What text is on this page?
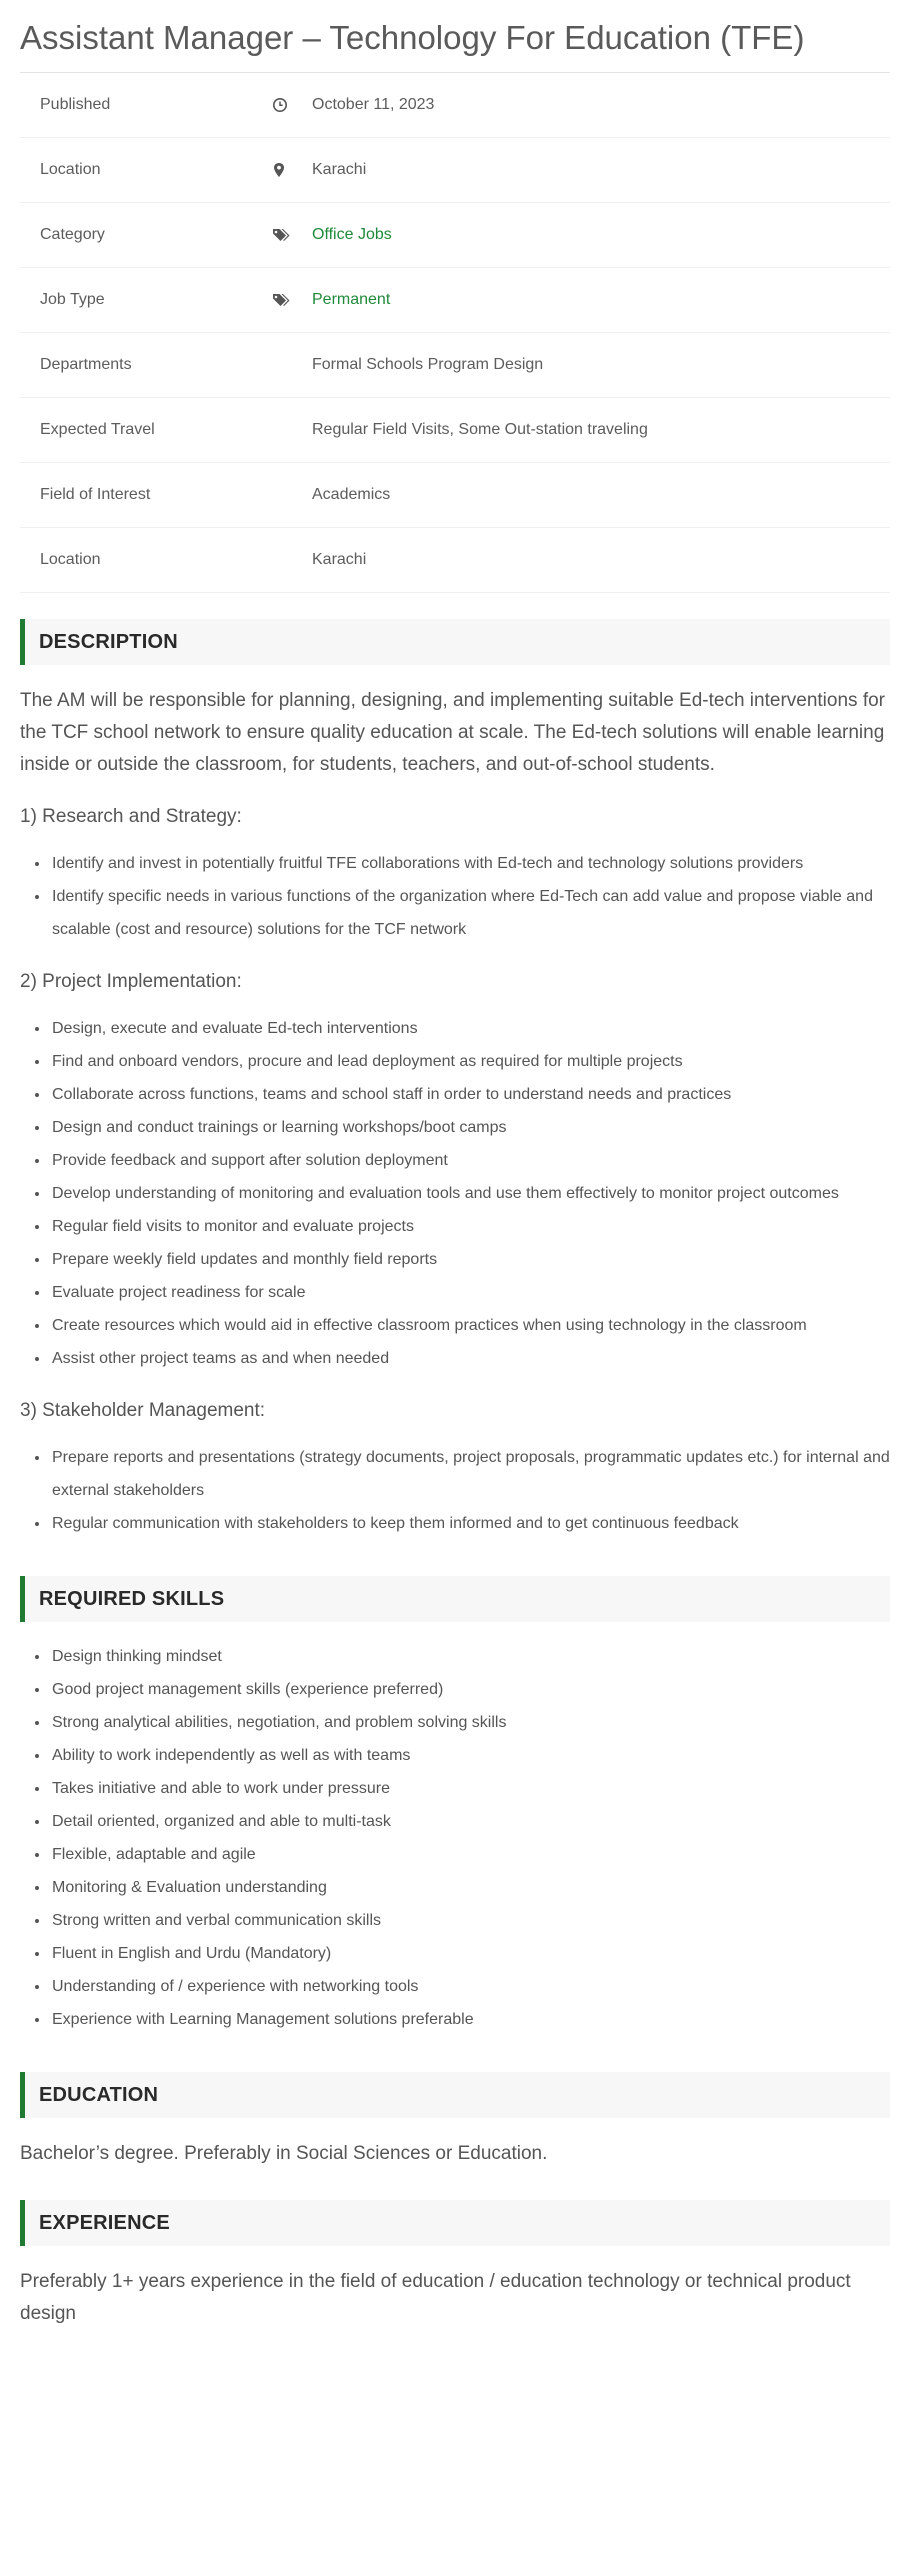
Assistant Manager – Technology For Education (TFE)
Published	October 11, 2023
Location	Karachi
Category	Office Jobs
Job Type	Permanent
Departments	Formal Schools Program Design
Expected Travel	Regular Field Visits, Some Out-station traveling
Field of Interest	Academics
Location	Karachi
DESCRIPTION

The AM will be responsible for planning, designing, and implementing suitable Ed-tech interventions for the TCF school network to ensure quality education at scale. The Ed-tech solutions will enable learning inside or outside the classroom, for students, teachers, and out-of-school students.

1) Research and Strategy:

• Identify and invest in potentially fruitful TFE collaborations with Ed-tech and technology solutions providers
• Identify specific needs in various functions of the organization where Ed-Tech can add value and propose viable and scalable (cost and resource) solutions for the TCF network

2) Project Implementation:

• Design, execute and evaluate Ed-tech interventions
• Find and onboard vendors, procure and lead deployment as required for multiple projects
• Collaborate across functions, teams and school staff in order to understand needs and practices
• Design and conduct trainings or learning workshops/boot camps
• Provide feedback and support after solution deployment
• Develop understanding of monitoring and evaluation tools and use them effectively to monitor project outcomes
• Regular field visits to monitor and evaluate projects
• Prepare weekly field updates and monthly field reports
• Evaluate project readiness for scale
• Create resources which would aid in effective classroom practices when using technology in the classroom
• Assist other project teams as and when needed

3) Stakeholder Management:

• Prepare reports and presentations (strategy documents, project proposals, programmatic updates etc.) for internal and external stakeholders
• Regular communication with stakeholders to keep them informed and to get continuous feedback
REQUIRED SKILLS
• Design thinking mindset
• Good project management skills (experience preferred)
• Strong analytical abilities, negotiation, and problem solving skills
• Ability to work independently as well as with teams
• Takes initiative and able to work under pressure
• Detail oriented, organized and able to multi-task
• Flexible, adaptable and agile
• Monitoring & Evaluation understanding
• Strong written and verbal communication skills
• Fluent in English and Urdu (Mandatory)
• Understanding of / experience with networking tools
• Experience with Learning Management solutions preferable
EDUCATION

Bachelor’s degree. Preferably in Social Sciences or Education.

EXPERIENCE

Preferably 1+ years experience in the field of education / education technology or technical product design
